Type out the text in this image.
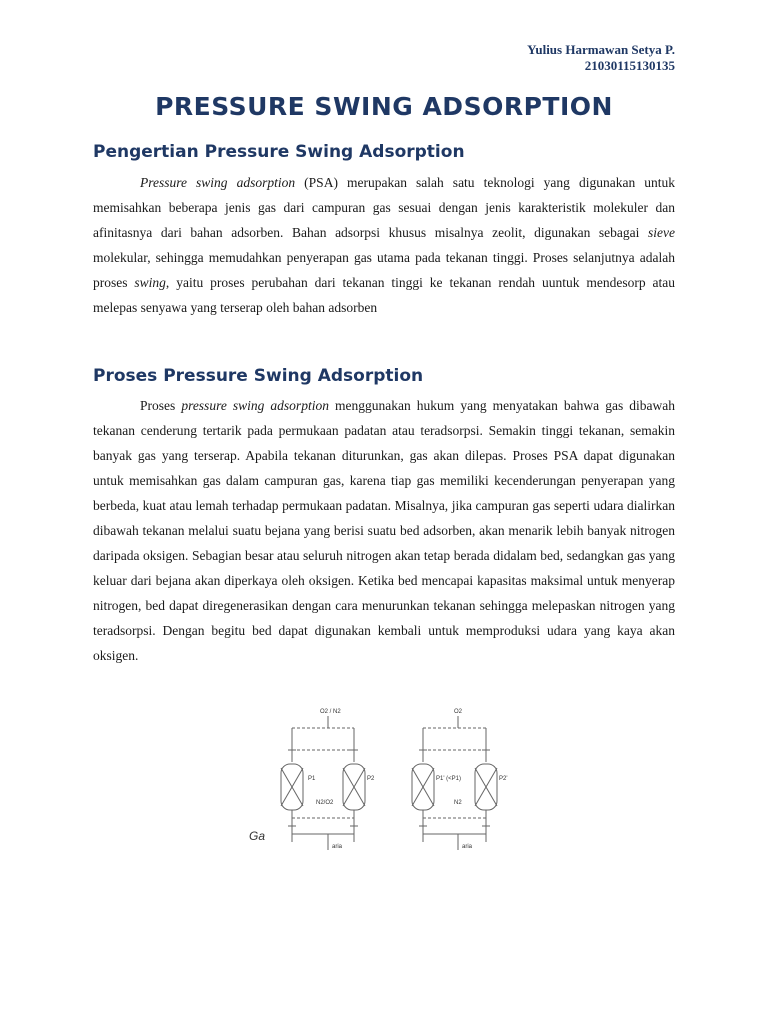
Yulius Harmawan Setya P.
21030115130135
PRESSURE SWING ADSORPTION
Pengertian Pressure Swing Adsorption

Pressure swing adsorption (PSA) merupakan salah satu teknologi yang digunakan untuk memisahkan beberapa jenis gas dari campuran gas sesuai dengan jenis karakteristik molekuler dan afinitasnya dari bahan adsorben. Bahan adsorpsi khusus misalnya zeolit, digunakan sebagai sieve molekular, sehingga memudahkan penyerapan gas utama pada tekanan tinggi. Proses selanjutnya adalah proses swing, yaitu proses perubahan dari tekanan tinggi ke tekanan rendah uuntuk mendesorp atau melepas senyawa yang terserap oleh bahan adsorben

Proses Pressure Swing Adsorption

Proses pressure swing adsorption menggunakan hukum yang menyatakan bahwa gas dibawah tekanan cenderung tertarik pada permukaan padatan atau teradsorpsi. Semakin tinggi tekanan, semakin banyak gas yang terserap. Apabila tekanan diturunkan, gas akan dilepas. Proses PSA dapat digunakan untuk memisahkan gas dalam campuran gas, karena tiap gas memiliki kecenderungan penyerapan yang berbeda, kuat atau lemah terhadap permukaan padatan. Misalnya, jika campuran gas seperti udara dialirkan dibawah tekanan melalui suatu bejana yang berisi suatu bed adsorben, akan menarik lebih banyak nitrogen daripada oksigen. Sebagian besar atau seluruh nitrogen akan tetap berada didalam bed, sedangkan gas yang keluar dari bejana akan diperkaya oleh oksigen. Ketika bed mencapai kapasitas maksimal untuk menyerap nitrogen, bed dapat diregenerasikan dengan cara menurunkan tekanan sehingga melepaskan nitrogen yang teradsorpsi. Dengan begitu bed dapat digunakan kembali untuk memproduksi udara yang kaya akan oksigen.

O2 / N2
P1	P2
N2/O2
aria
O2
P1' (<P1)	P2'
N2
aria
Ga
